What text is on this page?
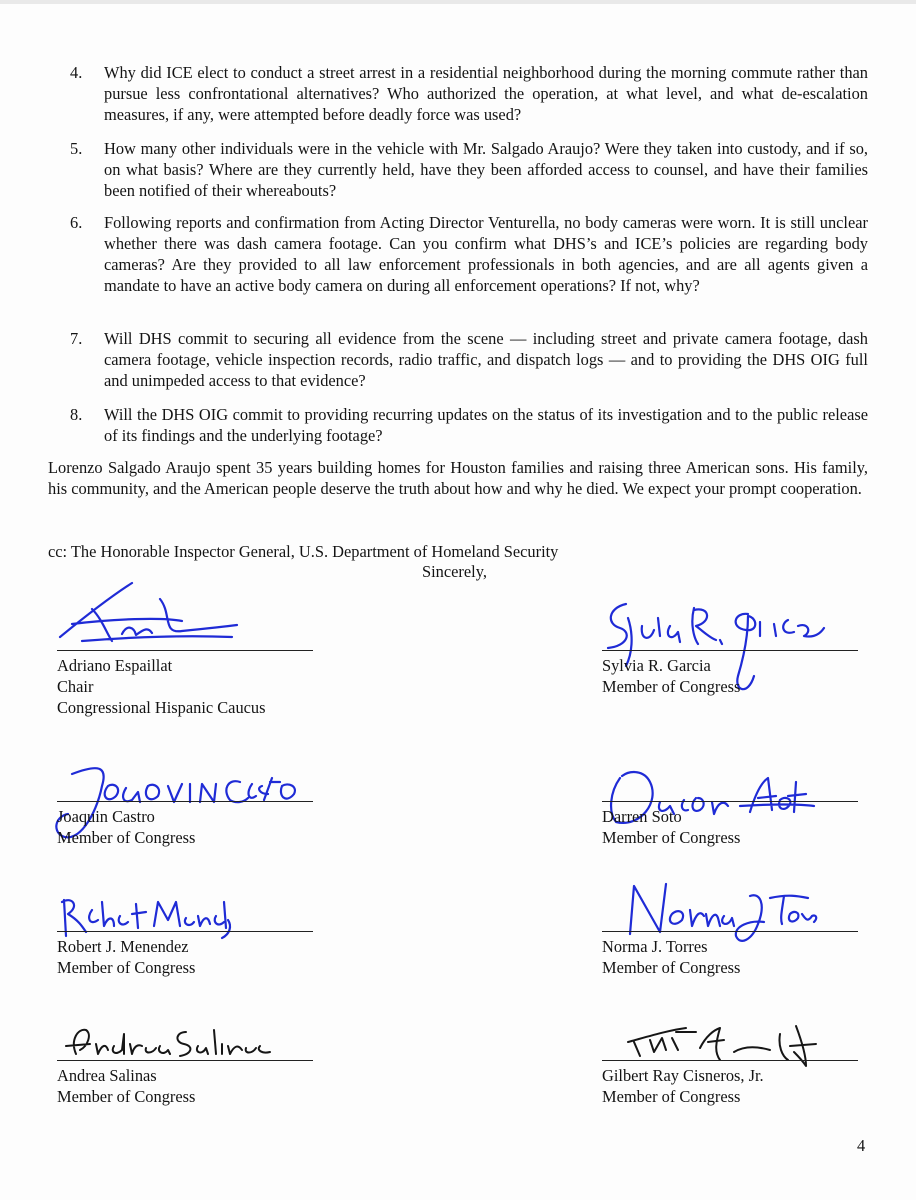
4. Why did ICE elect to conduct a street arrest in a residential neighborhood during the morning commute rather than pursue less confrontational alternatives? Who authorized the operation, at what level, and what de-escalation measures, if any, were attempted before deadly force was used?
5. How many other individuals were in the vehicle with Mr. Salgado Araujo? Were they taken into custody, and if so, on what basis? Where are they currently held, have they been afforded access to counsel, and have their families been notified of their whereabouts?
6. Following reports and confirmation from Acting Director Venturella, no body cameras were worn. It is still unclear whether there was dash camera footage. Can you confirm what DHS’s and ICE’s policies are regarding body cameras? Are they provided to all law enforcement professionals in both agencies, and are all agents given a mandate to have an active body camera on during all enforcement operations? If not, why?
7. Will DHS commit to securing all evidence from the scene — including street and private camera footage, dash camera footage, vehicle inspection records, radio traffic, and dispatch logs — and to providing the DHS OIG full and unimpeded access to that evidence?
8. Will the DHS OIG commit to providing recurring updates on the status of its investigation and to the public release of its findings and the underlying footage?
Lorenzo Salgado Araujo spent 35 years building homes for Houston families and raising three American sons. His family, his community, and the American people deserve the truth about how and why he died. We expect your prompt cooperation.
cc: The Honorable Inspector General, U.S. Department of Homeland Security
Sincerely,
Adriano Espaillat
Chair
Congressional Hispanic Caucus
Sylvia R. Garcia
Member of Congress
Joaquin Castro
Member of Congress
Darren Soto
Member of Congress
Robert J. Menendez
Member of Congress
Norma J. Torres
Member of Congress
Andrea Salinas
Member of Congress
Gilbert Ray Cisneros, Jr.
Member of Congress
4
